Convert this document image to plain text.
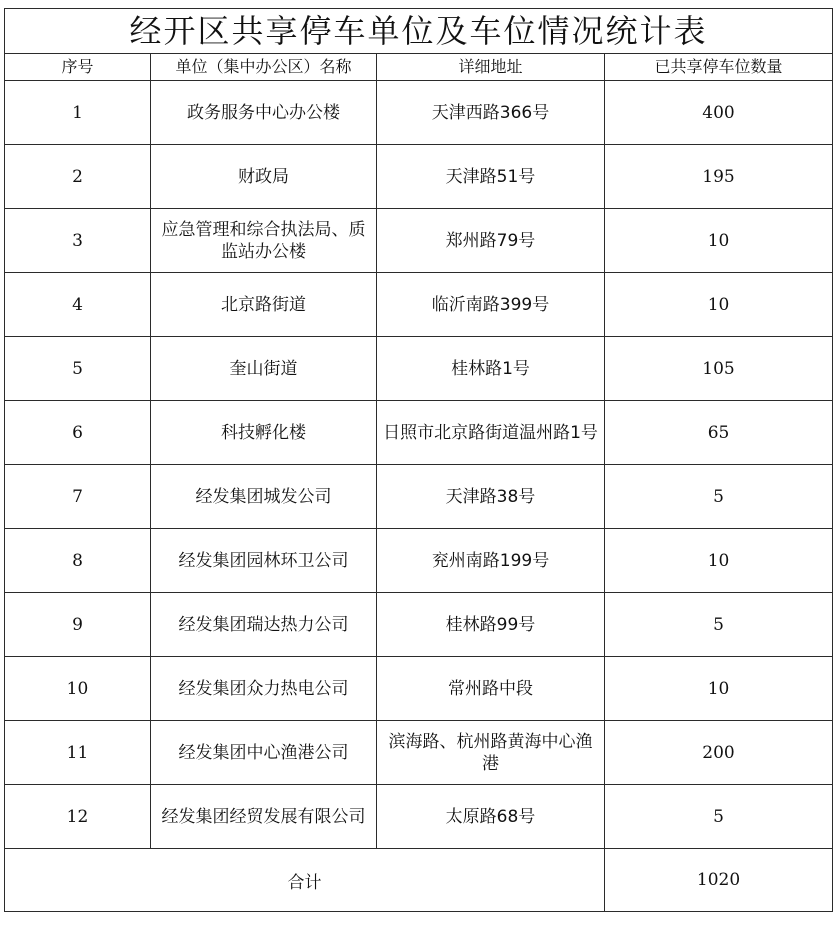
经开区共享停车单位及车位情况统计表			
序号	单位（集中办公区）名称	详细地址	已共享停车位数量
1	政务服务中心办公楼	天津西路366号	400
2	财政局	天津路51号	195
3	应急管理和综合执法局、质监站办公楼	郑州路79号	10
4	北京路街道	临沂南路399号	10
5	奎山街道	桂林路1号	105
6	科技孵化楼	日照市北京路街道温州路1号	65
7	经发集团城发公司	天津路38号	5
8	经发集团园林环卫公司	兖州南路199号	10
9	经发集团瑞达热力公司	桂林路99号	5
10	经发集团众力热电公司	常州路中段	10
11	经发集团中心渔港公司	滨海路、杭州路黄海中心渔港	200
12	经发集团经贸发展有限公司	太原路68号	5
合计			1020
